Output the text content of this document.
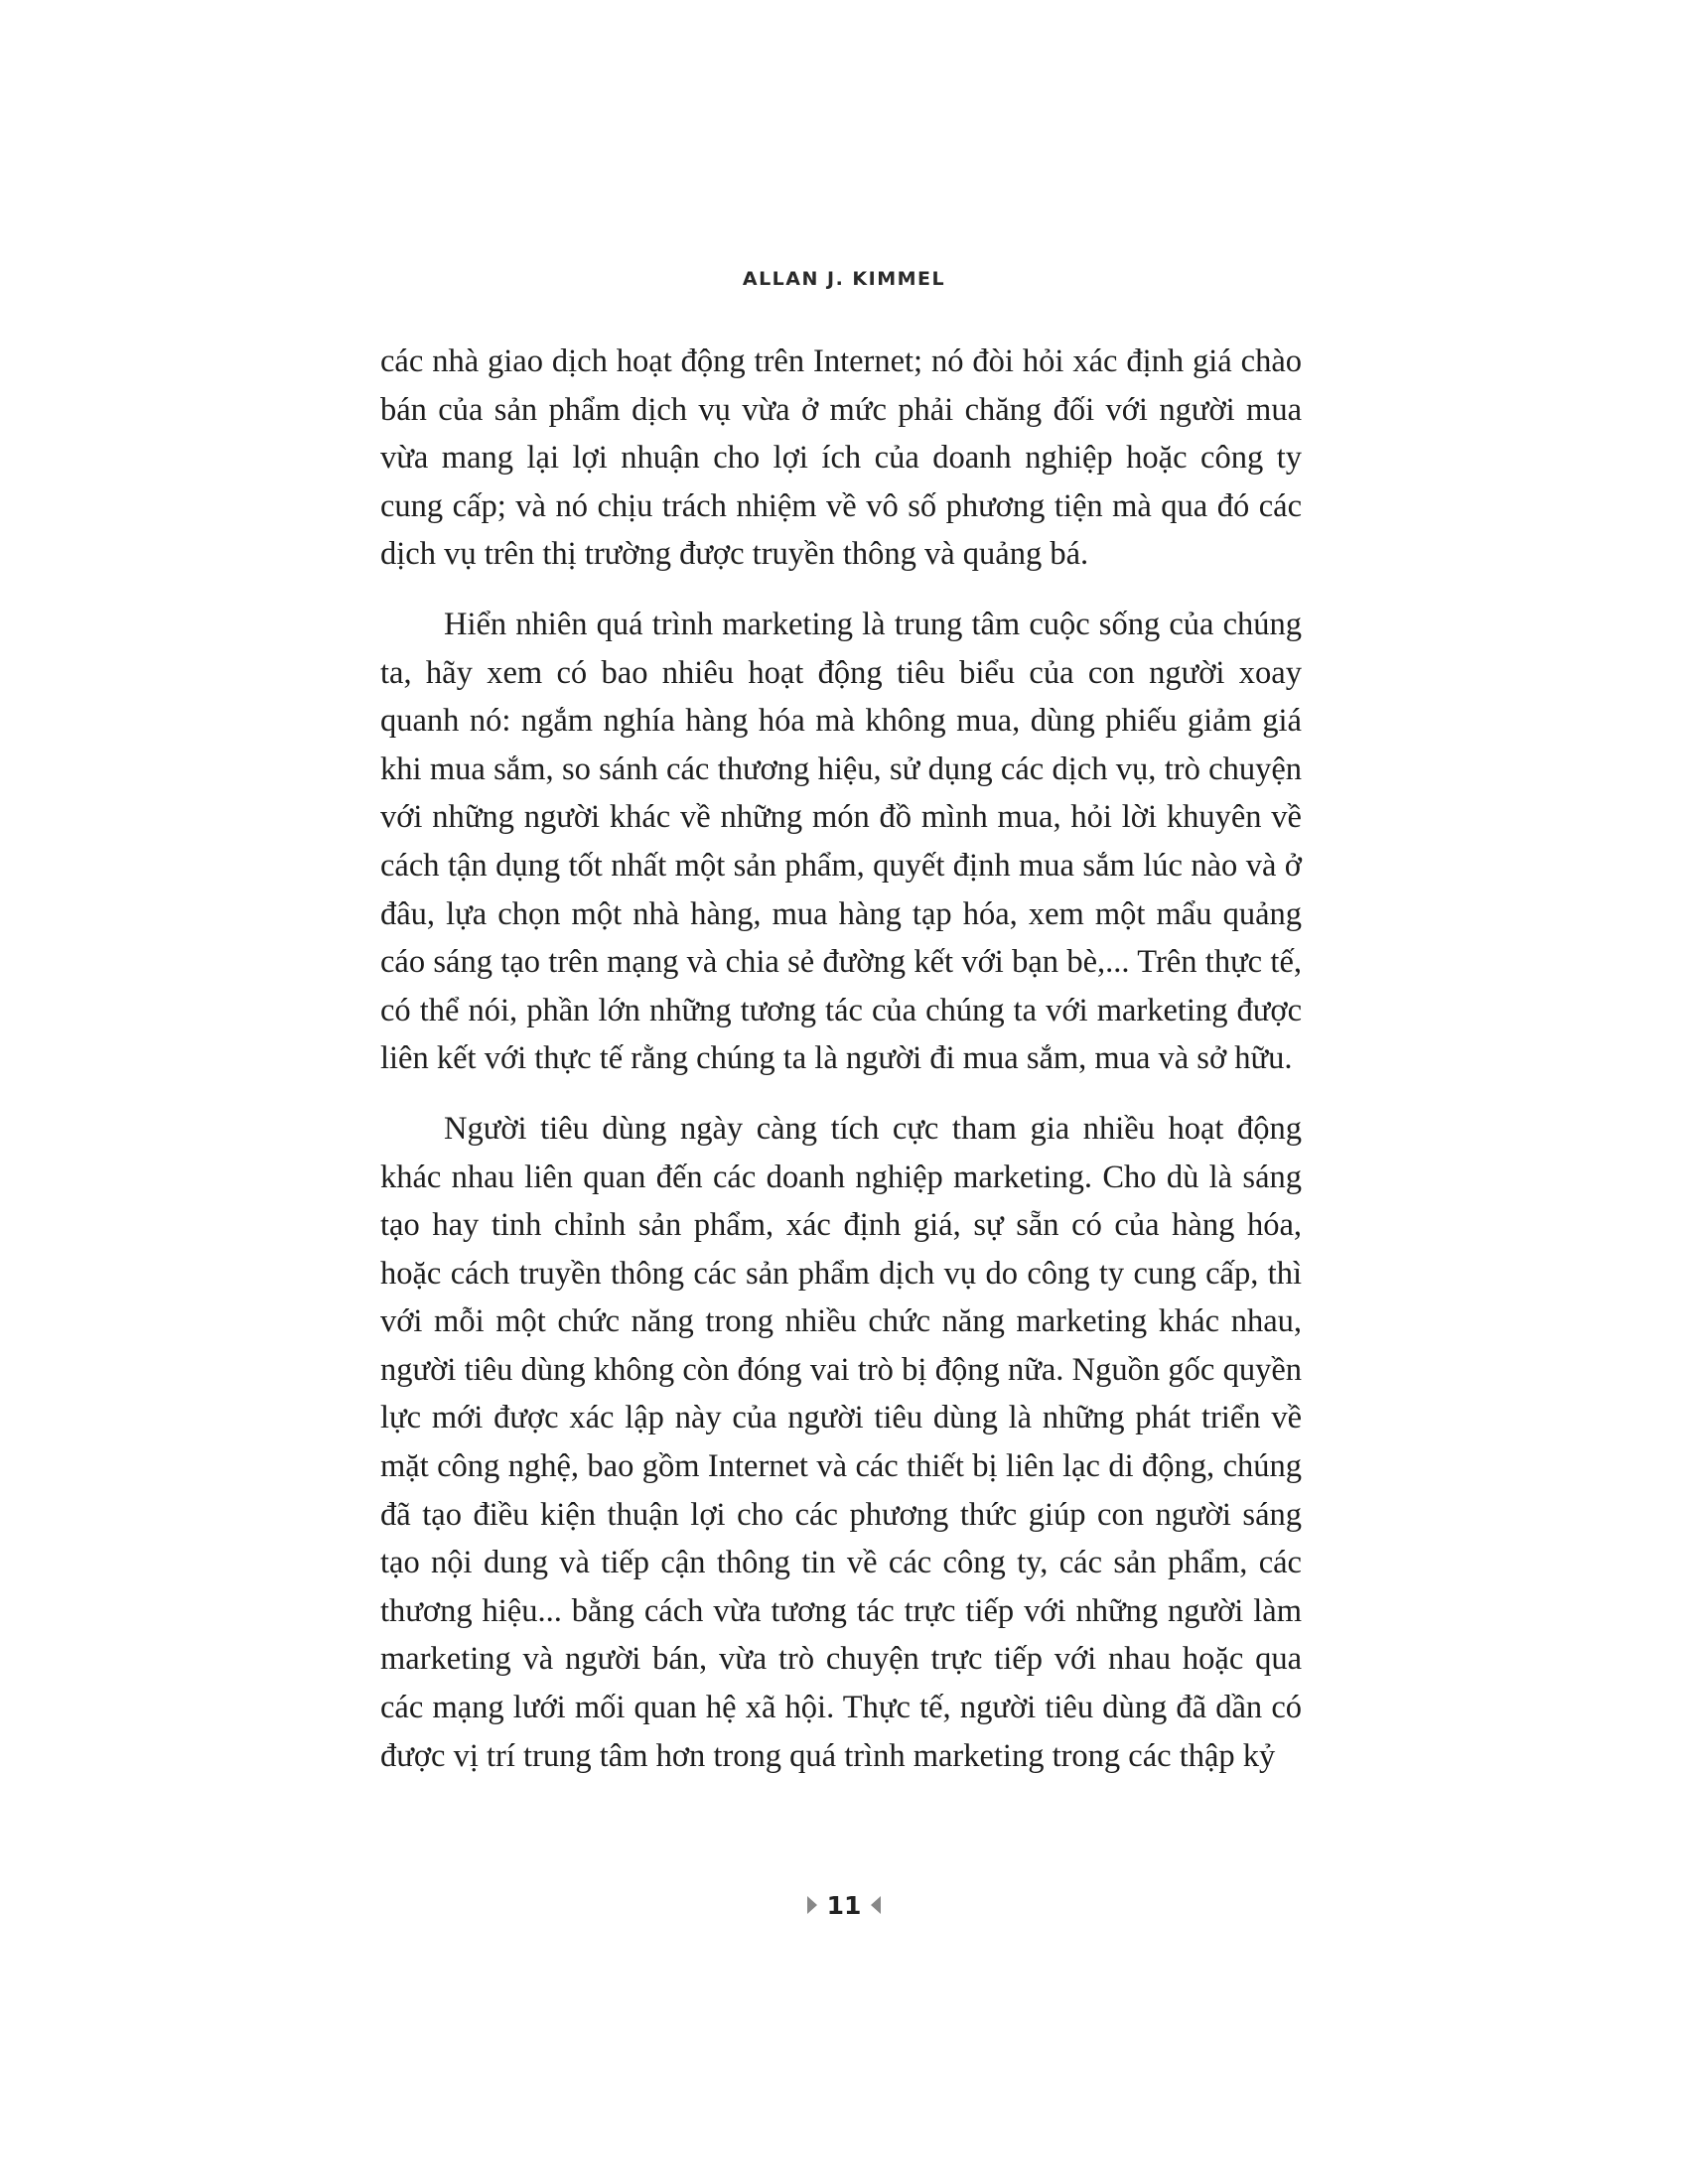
ALLAN J. KIMMEL

các nhà giao dịch hoạt động trên Internet; nó đòi hỏi xác định giá chào bán của sản phẩm dịch vụ vừa ở mức phải chăng đối với người mua vừa mang lại lợi nhuận cho lợi ích của doanh nghiệp hoặc công ty cung cấp; và nó chịu trách nhiệm về vô số phương tiện mà qua đó các dịch vụ trên thị trường được truyền thông và quảng bá.

Hiển nhiên quá trình marketing là trung tâm cuộc sống của chúng ta, hãy xem có bao nhiêu hoạt động tiêu biểu của con người xoay quanh nó: ngắm nghía hàng hóa mà không mua, dùng phiếu giảm giá khi mua sắm, so sánh các thương hiệu, sử dụng các dịch vụ, trò chuyện với những người khác về những món đồ mình mua, hỏi lời khuyên về cách tận dụng tốt nhất một sản phẩm, quyết định mua sắm lúc nào và ở đâu, lựa chọn một nhà hàng, mua hàng tạp hóa, xem một mẩu quảng cáo sáng tạo trên mạng và chia sẻ đường kết với bạn bè,... Trên thực tế, có thể nói, phần lớn những tương tác của chúng ta với marketing được liên kết với thực tế rằng chúng ta là người đi mua sắm, mua và sở hữu.

Người tiêu dùng ngày càng tích cực tham gia nhiều hoạt động khác nhau liên quan đến các doanh nghiệp marketing. Cho dù là sáng tạo hay tinh chỉnh sản phẩm, xác định giá, sự sẵn có của hàng hóa, hoặc cách truyền thông các sản phẩm dịch vụ do công ty cung cấp, thì với mỗi một chức năng trong nhiều chức năng marketing khác nhau, người tiêu dùng không còn đóng vai trò bị động nữa. Nguồn gốc quyền lực mới được xác lập này của người tiêu dùng là những phát triển về mặt công nghệ, bao gồm Internet và các thiết bị liên lạc di động, chúng đã tạo điều kiện thuận lợi cho các phương thức giúp con người sáng tạo nội dung và tiếp cận thông tin về các công ty, các sản phẩm, các thương hiệu... bằng cách vừa tương tác trực tiếp với những người làm marketing và người bán, vừa trò chuyện trực tiếp với nhau hoặc qua các mạng lưới mối quan hệ xã hội. Thực tế, người tiêu dùng đã dần có được vị trí trung tâm hơn trong quá trình marketing trong các thập kỷ

11
